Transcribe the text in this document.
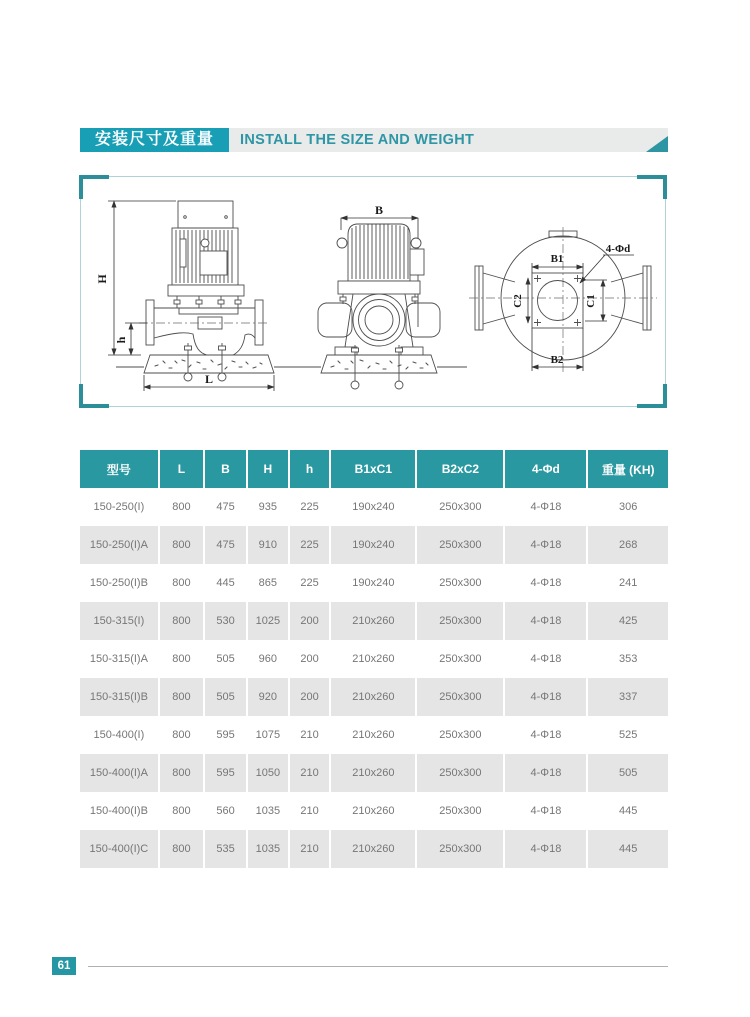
安装尺寸及重量	INSTALL THE SIZE AND WEIGHT
H
h
L
B
B1
C2	C1
B2
4-Φd
型号	L	B	H	h	B1xC1	B2xC2	4-Φd	重量 (KH)
150-250(I)	800	475	935	225	190x240	250x300	4-Φ18	306
150-250(I)A	800	475	910	225	190x240	250x300	4-Φ18	268
150-250(I)B	800	445	865	225	190x240	250x300	4-Φ18	241
150-315(I)	800	530	1025	200	210x260	250x300	4-Φ18	425
150-315(I)A	800	505	960	200	210x260	250x300	4-Φ18	353
150-315(I)B	800	505	920	200	210x260	250x300	4-Φ18	337
150-400(I)	800	595	1075	210	210x260	250x300	4-Φ18	525
150-400(I)A	800	595	1050	210	210x260	250x300	4-Φ18	505
150-400(I)B	800	560	1035	210	210x260	250x300	4-Φ18	445
150-400(I)C	800	535	1035	210	210x260	250x300	4-Φ18	445
61
